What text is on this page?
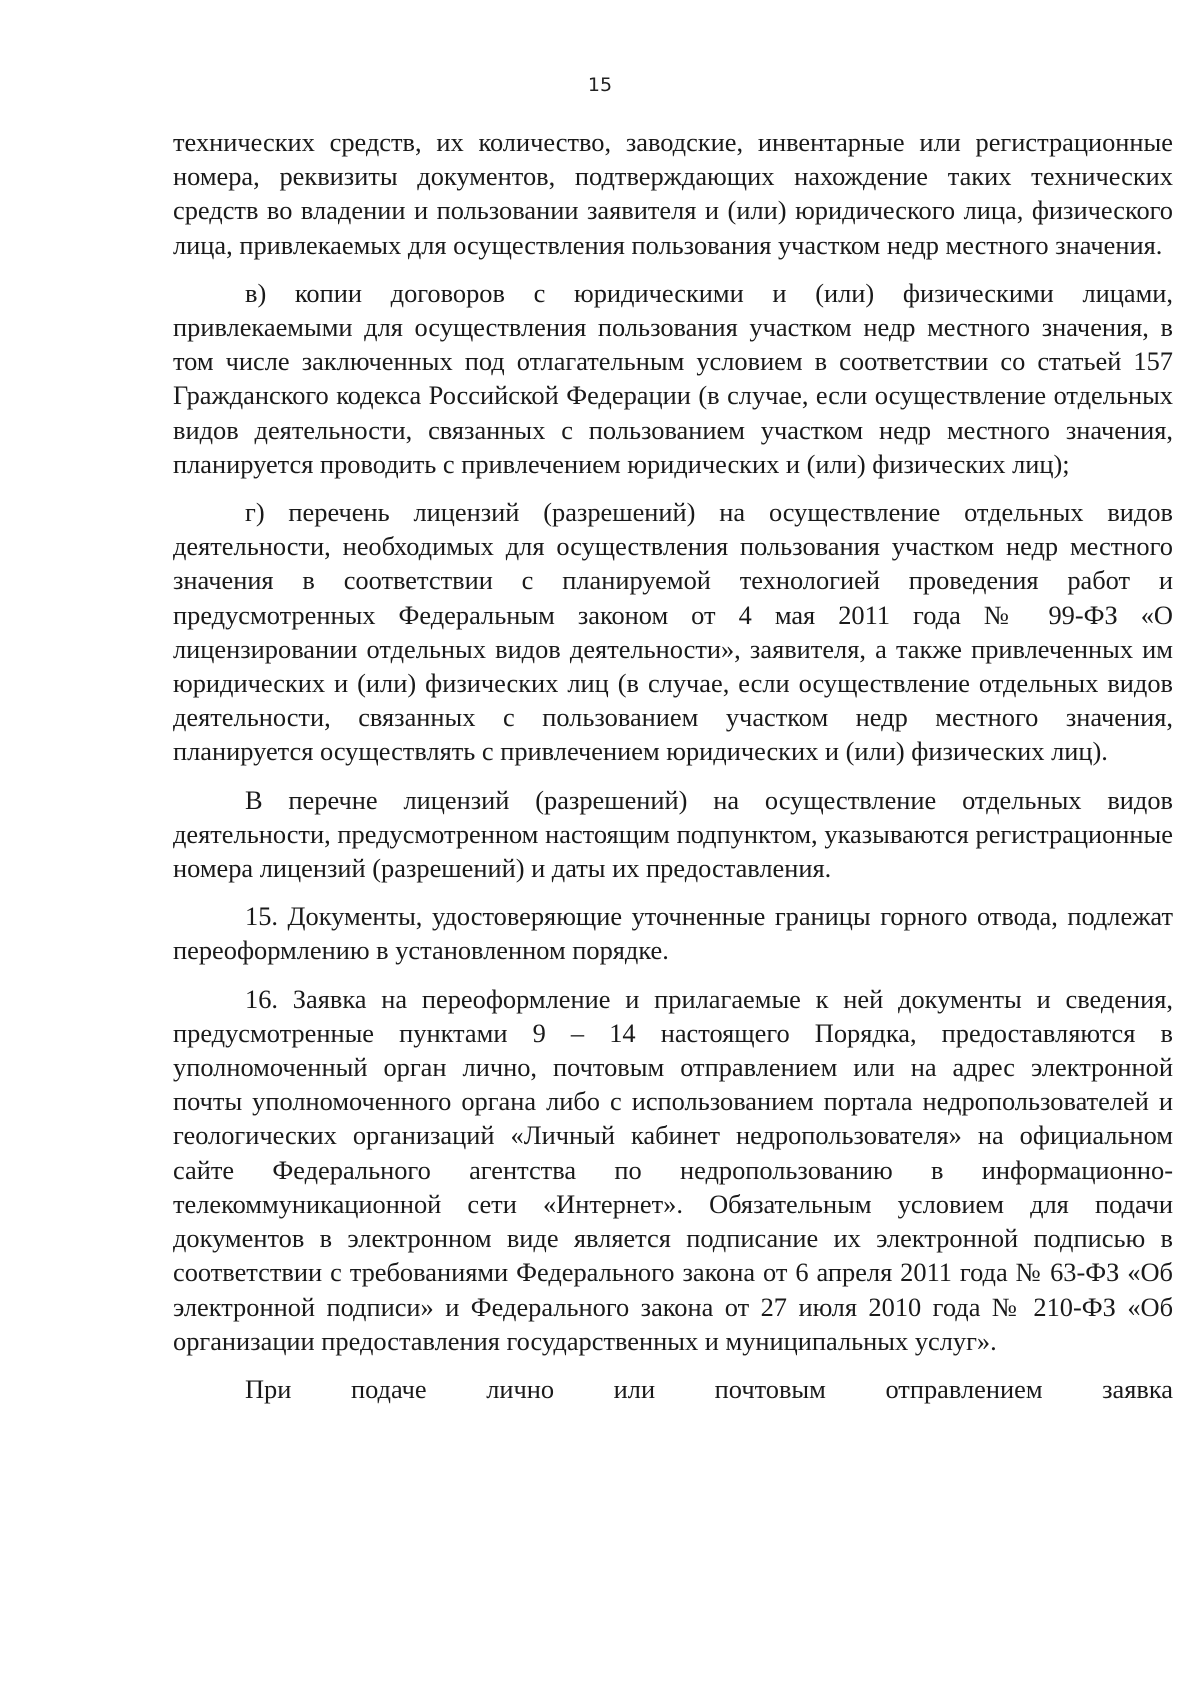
15

технических средств, их количество, заводские, инвентарные или регистрационные номера, реквизиты документов, подтверждающих нахождение таких технических средств во владении и пользовании заявителя и (или) юридического лица, физического лица, привлекаемых для осуществления пользования участком недр местного значения.

в) копии договоров с юридическими и (или) физическими лицами, привлекаемыми для осуществления пользования участком недр местного значения, в том числе заключенных под отлагательным условием в соответствии со статьей 157 Гражданского кодекса Российской Федерации (в случае, если осуществление отдельных видов деятельности, связанных с пользованием участком недр местного значения, планируется проводить с привлечением юридических и (или) физических лиц);

г) перечень лицензий (разрешений) на осуществление отдельных видов деятельности, необходимых для осуществления пользования участком недр местного значения в соответствии с планируемой технологией проведения работ и предусмотренных Федеральным законом от 4 мая 2011 года № 99-ФЗ «О лицензировании отдельных видов деятельности», заявителя, а также привлеченных им юридических и (или) физических лиц (в случае, если осуществление отдельных видов деятельности, связанных с пользованием участком недр местного значения, планируется осуществлять с привлечением юридических и (или) физических лиц).

В перечне лицензий (разрешений) на осуществление отдельных видов деятельности, предусмотренном настоящим подпунктом, указываются регистрационные номера лицензий (разрешений) и даты их предоставления.

15. Документы, удостоверяющие уточненные границы горного отвода, подлежат переоформлению в установленном порядке.

16. Заявка на переоформление и прилагаемые к ней документы и сведения, предусмотренные пунктами 9 – 14 настоящего Порядка, предоставляются в уполномоченный орган лично, почтовым отправлением или на адрес электронной почты уполномоченного органа либо с использованием портала недропользователей и геологических организаций «Личный кабинет недропользователя» на официальном сайте Федерального агентства по недропользованию в информационно-телекоммуникационной сети «Интернет». Обязательным условием для подачи документов в электронном виде является подписание их электронной подписью в соответствии с требованиями Федерального закона от 6 апреля 2011 года № 63-ФЗ «Об электронной подписи» и Федерального закона от 27 июля 2010 года № 210-ФЗ «Об организации предоставления государственных и муниципальных услуг».

При подаче лично или почтовым отправлением заявка
